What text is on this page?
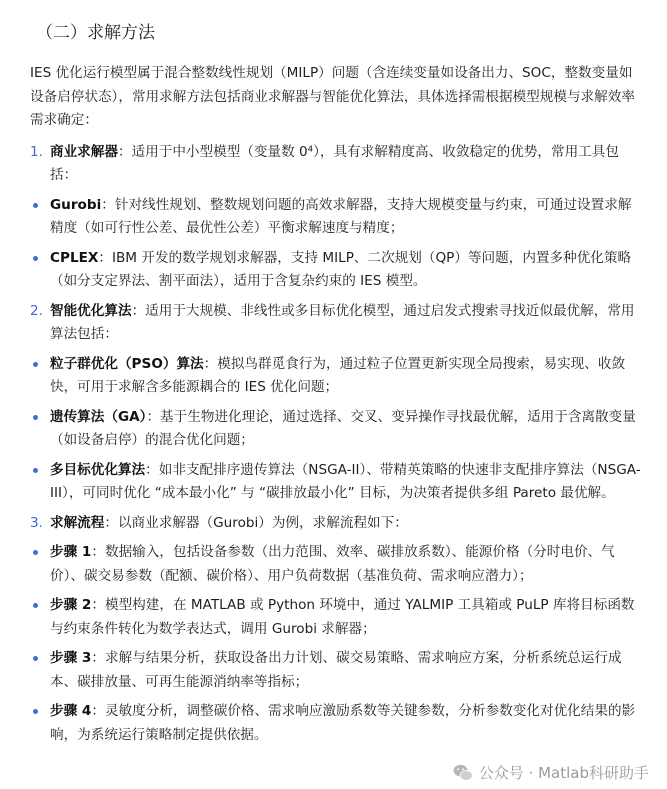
（二）求解方法

IES 优化运行模型属于混合整数线性规划（MILP）问题（含连续变量如设备出力、SOC，整数变量如设备启停状态），常用求解方法包括商业求解器与智能优化算法，具体选择需根据模型规模与求解效率需求确定：

1. 商业求解器：适用于中小型模型（变量数 0⁴），具有求解精度高、收敛稳定的优势，常用工具包括：
Gurobi：针对线性规划、整数规划问题的高效求解器，支持大规模变量与约束，可通过设置求解精度（如可行性公差、最优性公差）平衡求解速度与精度；
CPLEX：IBM 开发的数学规划求解器，支持 MILP、二次规划（QP）等问题，内置多种优化策略（如分支定界法、割平面法），适用于含复杂约束的 IES 模型。
2. 智能优化算法：适用于大规模、非线性或多目标优化模型，通过启发式搜索寻找近似最优解，常用算法包括：
粒子群优化（PSO）算法：模拟鸟群觅食行为，通过粒子位置更新实现全局搜索，易实现、收敛快，可用于求解含多能源耦合的 IES 优化问题；
遗传算法（GA）：基于生物进化理论，通过选择、交叉、变异操作寻找最优解，适用于含离散变量（如设备启停）的混合优化问题；
多目标优化算法：如非支配排序遗传算法（NSGA-II）、带精英策略的快速非支配排序算法（NSGA-III），可同时优化 “成本最小化” 与 “碳排放最小化” 目标，为决策者提供多组 Pareto 最优解。
3. 求解流程：以商业求解器（Gurobi）为例，求解流程如下：
步骤 1：数据输入，包括设备参数（出力范围、效率、碳排放系数）、能源价格（分时电价、气价）、碳交易参数（配额、碳价格）、用户负荷数据（基准负荷、需求响应潜力）；
步骤 2：模型构建，在 MATLAB 或 Python 环境中，通过 YALMIP 工具箱或 PuLP 库将目标函数与约束条件转化为数学表达式，调用 Gurobi 求解器；
步骤 3：求解与结果分析，获取设备出力计划、碳交易策略、需求响应方案，分析系统总运行成本、碳排放量、可再生能源消纳率等指标；
步骤 4：灵敏度分析，调整碳价格、需求响应激励系数等关键参数，分析参数变化对优化结果的影响，为系统运行策略制定提供依据。
公众号 · Matlab科研助手
